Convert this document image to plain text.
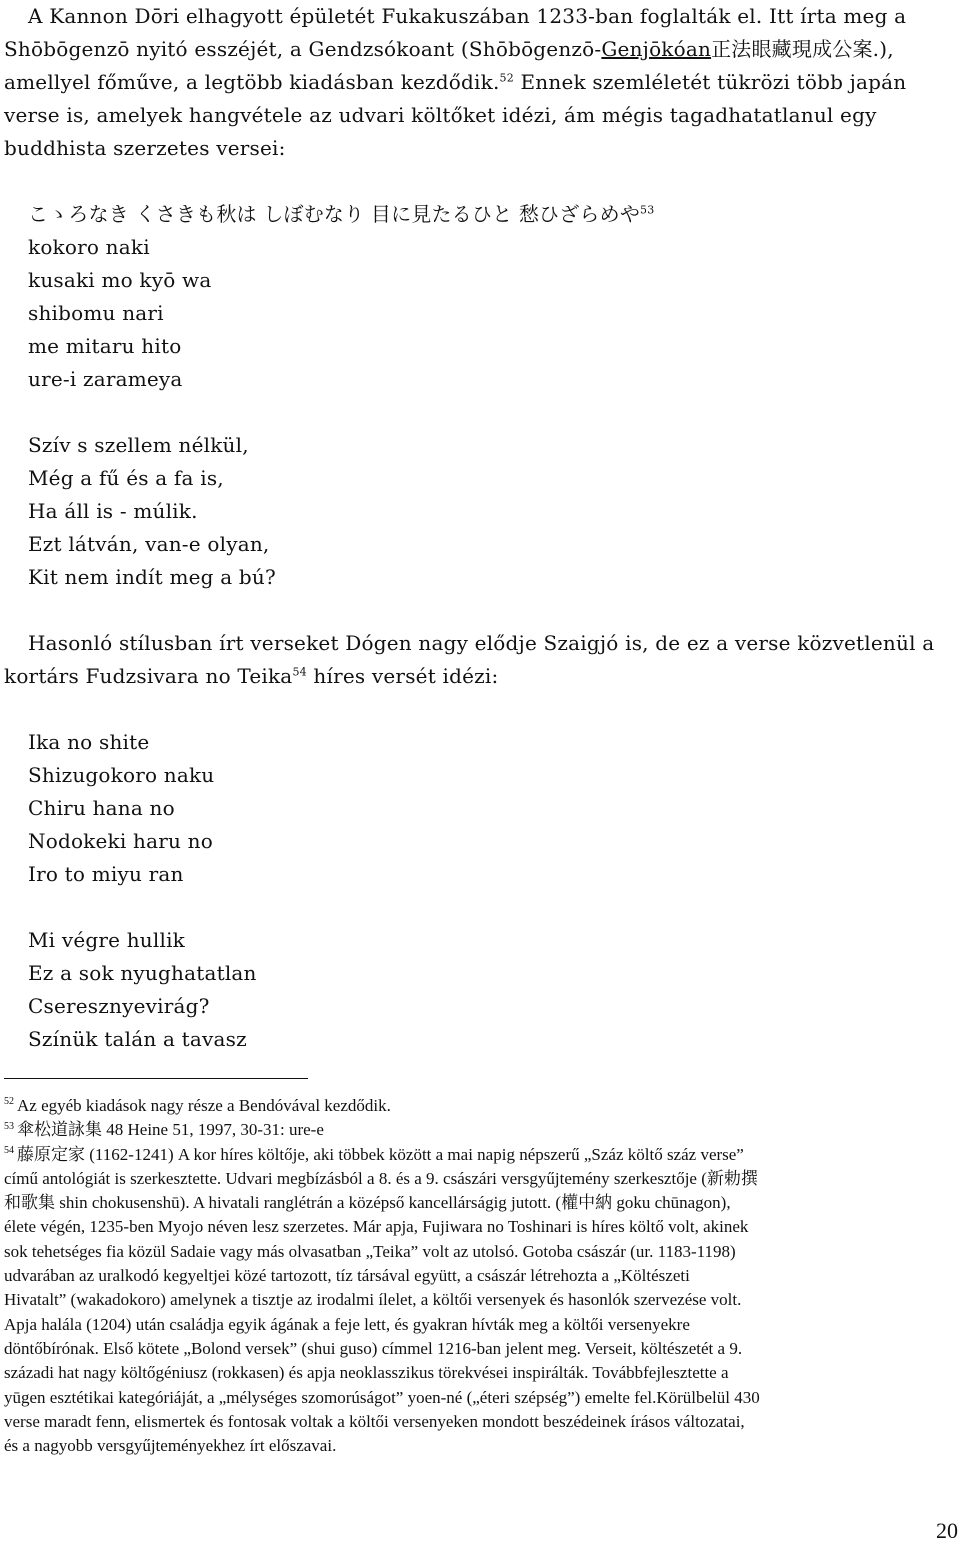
A Kannon Dōri elhagyott épületét Fukakuszában 1233-ban foglalták el. Itt írta meg a
Shōbōgenzō nyitó esszéjét, a Gendzsókoant (Shōbōgenzō-Genjōkóan正法眼藏現成公案.),
amellyel főműve, a legtöbb kiadásban kezdődik.$^{52}$ Ennek szemléletét tükrözi több japán
verse is, amelyek hangvétele az udvari költőket idézi, ám mégis tagadhatatlanul egy
buddhista szerzetes versei:

こゝろなき くさきも秋は しぼむなり 目に見たるひと 愁ひざらめや$^{53}$
kokoro naki
kusaki mo kyō wa
shibomu nari
me mitaru hito
ure-i zarameya
Szív s szellem nélkül,
Még a fű és a fa is,
Ha áll is - múlik.
Ezt látván, van-e olyan,
Kit nem indít meg a bú?

Hasonló stílusban írt verseket Dógen nagy elődje Szaigjó is, de ez a verse közvetlenül a
kortárs Fudzsivara no Teika$^{54}$ híres versét idézi:

Ika no shite
Shizugokoro naku
Chiru hana no
Nodokeki haru no
Iro to miyu ran
Mi végre hullik
Ez a sok nyughatatlan
Cseresznyevirág?
Színük talán a tavasz

$^{52}$ Az egyéb kiadások nagy része a Bendóvával kezdődik.

$^{53}$ 傘松道詠集 48 Heine 51, 1997, 30-31: ure-e

$^{54}$ 藤原定家 (1162-1241) A kor híres költője, aki többek között a mai napig népszerű „Száz költő száz verse”

című antológiát is szerkesztette. Udvari megbízásból a 8. és a 9. császári versgyűjtemény szerkesztője (新勅撰

和歌集 shin chokusenshū). A hivatali ranglétrán a középső kancellárságig jutott. (權中納 goku chūnagon),

élete végén, 1235-ben Myojo néven lesz szerzetes. Már apja, Fujiwara no Toshinari is híres költő volt, akinek

sok tehetséges fia közül Sadaie vagy más olvasatban „Teika” volt az utolsó. Gotoba császár (ur. 1183-1198)

udvarában az uralkodó kegyeltjei közé tartozott, tíz társával együtt, a császár létrehozta a „Költészeti

Hivatalt” (wakadokoro) amelynek a tisztje az irodalmi ílelet, a költői versenyek és hasonlók szervezése volt.

Apja halála (1204) után családja egyik ágának a feje lett, és gyakran hívták meg a költői versenyekre

döntőbírónak. Első kötete „Bolond versek” (shui guso) címmel 1216-ban jelent meg. Verseit, költészetét a 9.

századi hat nagy költőgéniusz (rokkasen) és apja neoklasszikus törekvései inspirálták. Továbbfejlesztette a

yūgen esztétikai kategóriáját, a „mélységes szomorúságot” yoen-né („éteri szépség”) emelte fel.Körülbelül 430

verse maradt fenn, elismertek és fontosak voltak a költői versenyeken mondott beszédeinek írásos változatai,

és a nagyobb versgyűjteményekhez írt előszavai.

20
